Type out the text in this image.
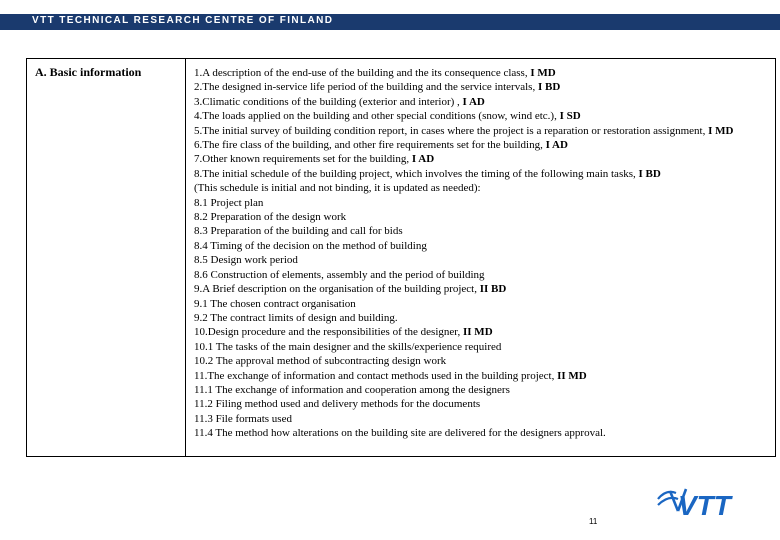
VTT TECHNICAL RESEARCH CENTRE OF FINLAND
A. Basic information	1.A description of the end-use of the building and the its consequence class, I MD
2.The designed in-service life period of the building and the service intervals, I BD
3.Climatic conditions of the building (exterior and interior) , I AD
4.The loads applied on the building and other special conditions (snow, wind etc.), I SD
5.The initial survey of building condition report, in cases where the project is a reparation or restoration assignment, I MD
6.The fire class of the building, and other fire requirements set for the building, I AD
7.Other known requirements set for the building, I AD
8.The initial schedule of the building project, which involves the timing of the following main tasks, I BD
(This schedule is initial and not binding, it is updated as needed):
8.1 Project plan
8.2 Preparation of the design work
8.3 Preparation of the building and call for bids
8.4 Timing of the decision on the method of building
8.5 Design work period
8.6 Construction of elements, assembly and the period of building
9.A Brief description on the organisation of the building project, II BD
9.1 The chosen contract organisation
9.2 The contract limits of design and building.
10.Design procedure and the responsibilities of the designer, II MD
10.1 The tasks of the main designer and the skills/experience required
10.2 The approval method of subcontracting design work
11.The exchange of information and contact methods used in the building project, II MD
11.1 The exchange of information and cooperation among the designers
11.2 Filing method used and delivery methods for the documents
11.3 File formats used
11.4 The method how alterations on the building site are delivered for the designers approval.
VTT
11
